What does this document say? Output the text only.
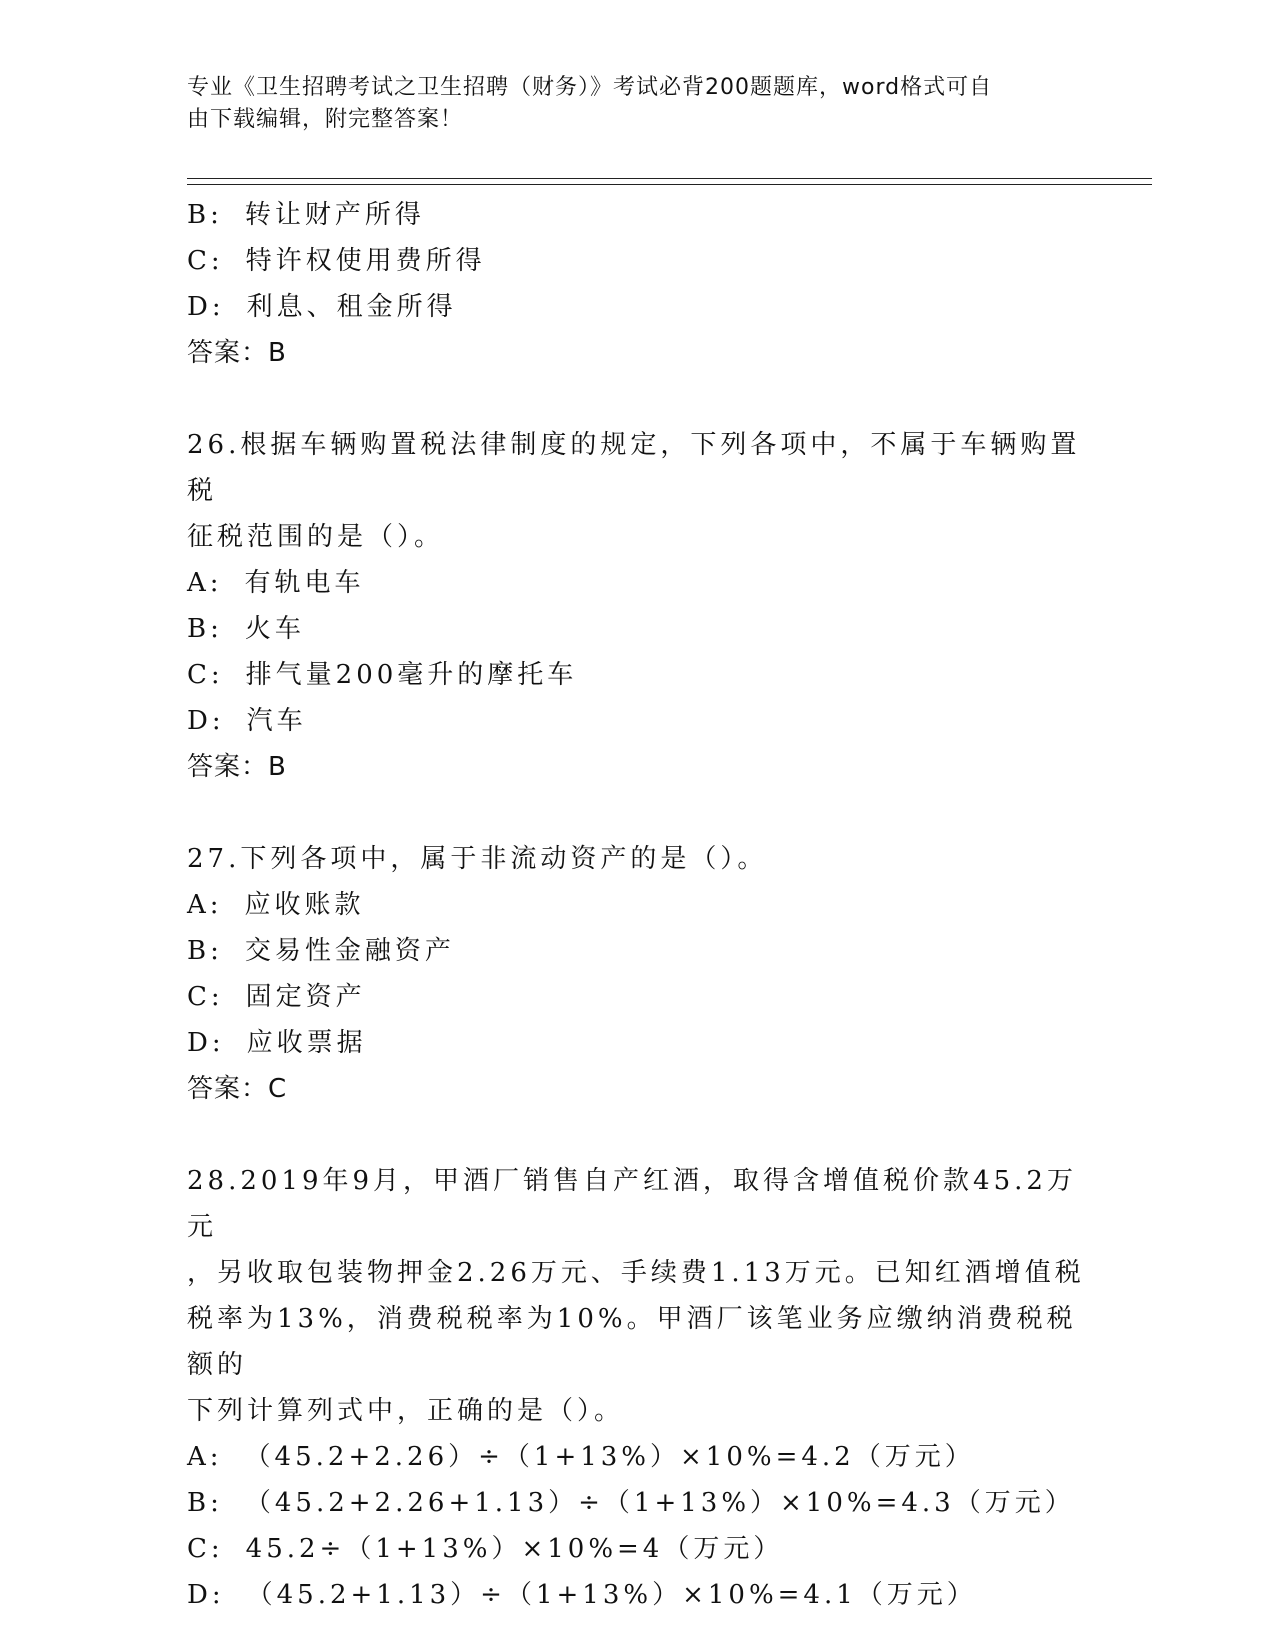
专业《卫生招聘考试之卫生招聘（财务）》考试必背200题题库，word格式可自
由下载编辑，附完整答案！
B: 转让财产所得
C: 特许权使用费所得
D: 利息、租金所得
答案：B
26.根据车辆购置税法律制度的规定，下列各项中，不属于车辆购置税
征税范围的是（）。
A: 有轨电车
B: 火车
C: 排气量200毫升的摩托车
D: 汽车
答案：B
27.下列各项中，属于非流动资产的是（）。
A: 应收账款
B: 交易性金融资产
C: 固定资产
D: 应收票据
答案：C
28.2019年9月，甲酒厂销售自产红酒，取得含增值税价款45.2万元
，另收取包装物押金2.26万元、手续费1.13万元。已知红酒增值税
税率为13%，消费税税率为10%。甲酒厂该笔业务应缴纳消费税税额的
下列计算列式中，正确的是（）。
A: （45.2+2.26）÷（1+13%）×10%=4.2（万元）
B: （45.2+2.26+1.13）÷（1+13%）×10%=4.3（万元）
C: 45.2÷（1+13%）×10%=4（万元）
D: （45.2+1.13）÷（1+13%）×10%=4.1（万元）
